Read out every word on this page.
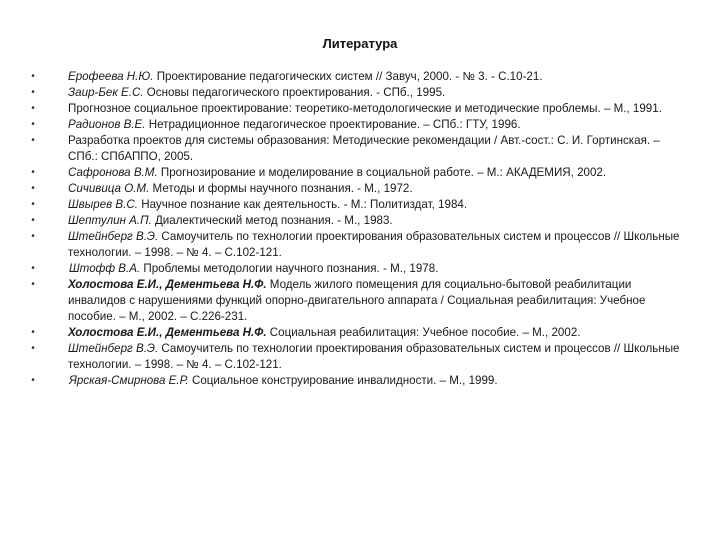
Литература
•	Ерофеева Н.Ю. Проектирование педагогических систем // Завуч, 2000. - № 3. - С.10-21.
•	Заир-Бек Е.С. Основы педагогического проектирования. - СПб., 1995.
•	Прогнозное социальное проектирование: теоретико-методологические и методические проблемы. – М., 1991.
•	Радионов В.Е. Нетрадиционное педагогическое проектирование. – СПб.: ГТУ, 1996.
•	Разработка проектов для системы образования: Методические рекомендации / Авт.-сост.: С. И. Гортинская. – СПб.: СПбАППО, 2005.
•	Сафронова В.М. Прогнозирование и моделирование в социальной работе. – М.: АКАДЕМИЯ, 2002.
•	Сичивица О.М. Методы и формы научного познания. - М., 1972.
•	Швырев В.С. Научное познание как деятельность. - М.: Политиздат, 1984.
•	Шептулин А.П. Диалектический метод познания. - М., 1983.
•	Штейнберг В.Э. Самоучитель по технологии проектирования образовательных систем и процессов // Школьные технологии. – 1998. – № 4. – С.102-121.
•	Штофф В.А. Проблемы методологии научного познания. - М., 1978.
•	Холостова Е.И., Дементьева Н.Ф. Модель жилого помещения для социально-бытовой реабилитации инвалидов с нарушениями функций опорно-двигательного аппарата / Социальная реабилитация: Учебное пособие. – М., 2002. – С.226-231.
•	Холостова Е.И., Дементьева Н.Ф. Социальная реабилитация: Учебное пособие. – М., 2002.
•	Штейнберг В.Э. Самоучитель по технологии проектирования образовательных систем и процессов // Школьные технологии. – 1998. – № 4. – С.102-121.
•	Ярская-Смирнова Е.Р. Социальное конструирование инвалидности. – М., 1999.
